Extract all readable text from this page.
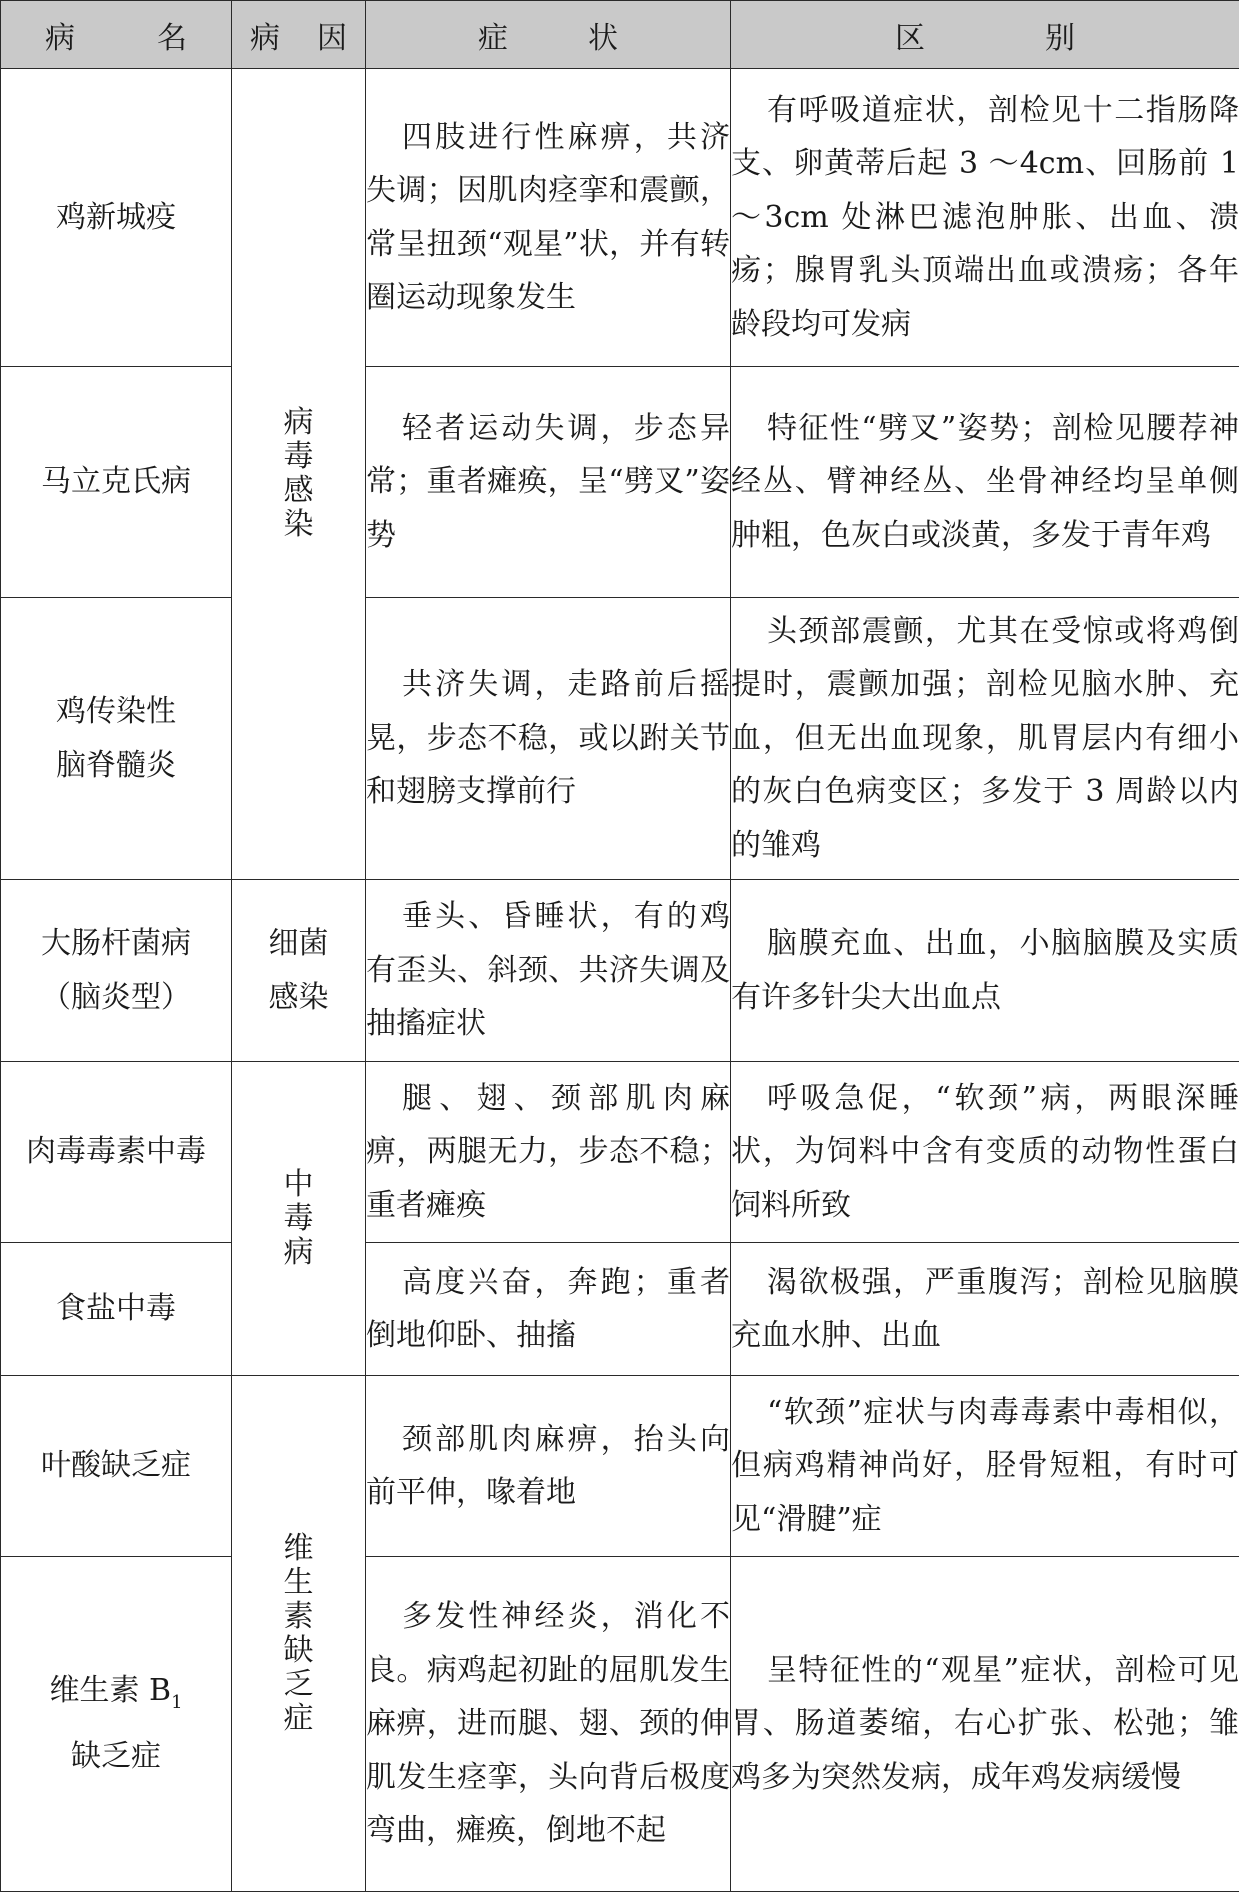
病 名	病 因	症 状	区 别

鸡新城疫	病毒感染	四肢进行性麻痹，共济失调；因肌肉痉挛和震颤，常呈扭颈“观星”状，并有转圈运动现象发生	有呼吸道症状，剖检见十二指肠降支、卵黄蒂后起 3 ～4cm、回肠前 1 ～3cm 处淋巴滤泡肿胀、出血、溃疡；腺胃乳头顶端出血或溃疡；各年龄段均可发病

马立克氏病		轻者运动失调，步态异常；重者瘫痪，呈“劈叉”姿势	特征性“劈叉”姿势；剖检见腰荐神经丛、臂神经丛、坐骨神经均呈单侧肿粗，色灰白或淡黄，多发于青年鸡

鸡传染性
脑脊髓炎		共济失调，走路前后摇晃，步态不稳，或以跗关节和翅膀支撑前行	头颈部震颤，尤其在受惊或将鸡倒提时，震颤加强；剖检见脑水肿、充血，但无出血现象，肌胃层内有细小的灰白色病变区；多发于 3 周龄以内的雏鸡

大肠杆菌病
（脑炎型）	细菌感染	垂头、昏睡状，有的鸡有歪头、斜颈、共济失调及抽搐症状	脑膜充血、出血，小脑脑膜及实质有许多针尖大出血点

肉毒毒素中毒	中毒病	腿、翅、颈部肌肉麻痹，两腿无力，步态不稳；重者瘫痪	呼吸急促，“软颈”病，两眼深睡状，为饲料中含有变质的动物性蛋白饲料所致

食盐中毒		高度兴奋，奔跑；重者倒地仰卧、抽搐	渴欲极强，严重腹泻；剖检见脑膜充血水肿、出血

叶酸缺乏症	维生素缺乏症	颈部肌肉麻痹，抬头向前平伸，喙着地	“软颈”症状与肉毒毒素中毒相似，但病鸡精神尚好，胫骨短粗，有时可见“滑腱”症

维生素 $B_1$
缺乏症		多发性神经炎，消化不良。病鸡起初趾的屈肌发生麻痹，进而腿、翅、颈的伸肌发生痉挛，头向背后极度弯曲，瘫痪，倒地不起	呈特征性的“观星”症状，剖检可见胃、肠道萎缩，右心扩张、松弛；雏鸡多为突然发病，成年鸡发病缓慢
